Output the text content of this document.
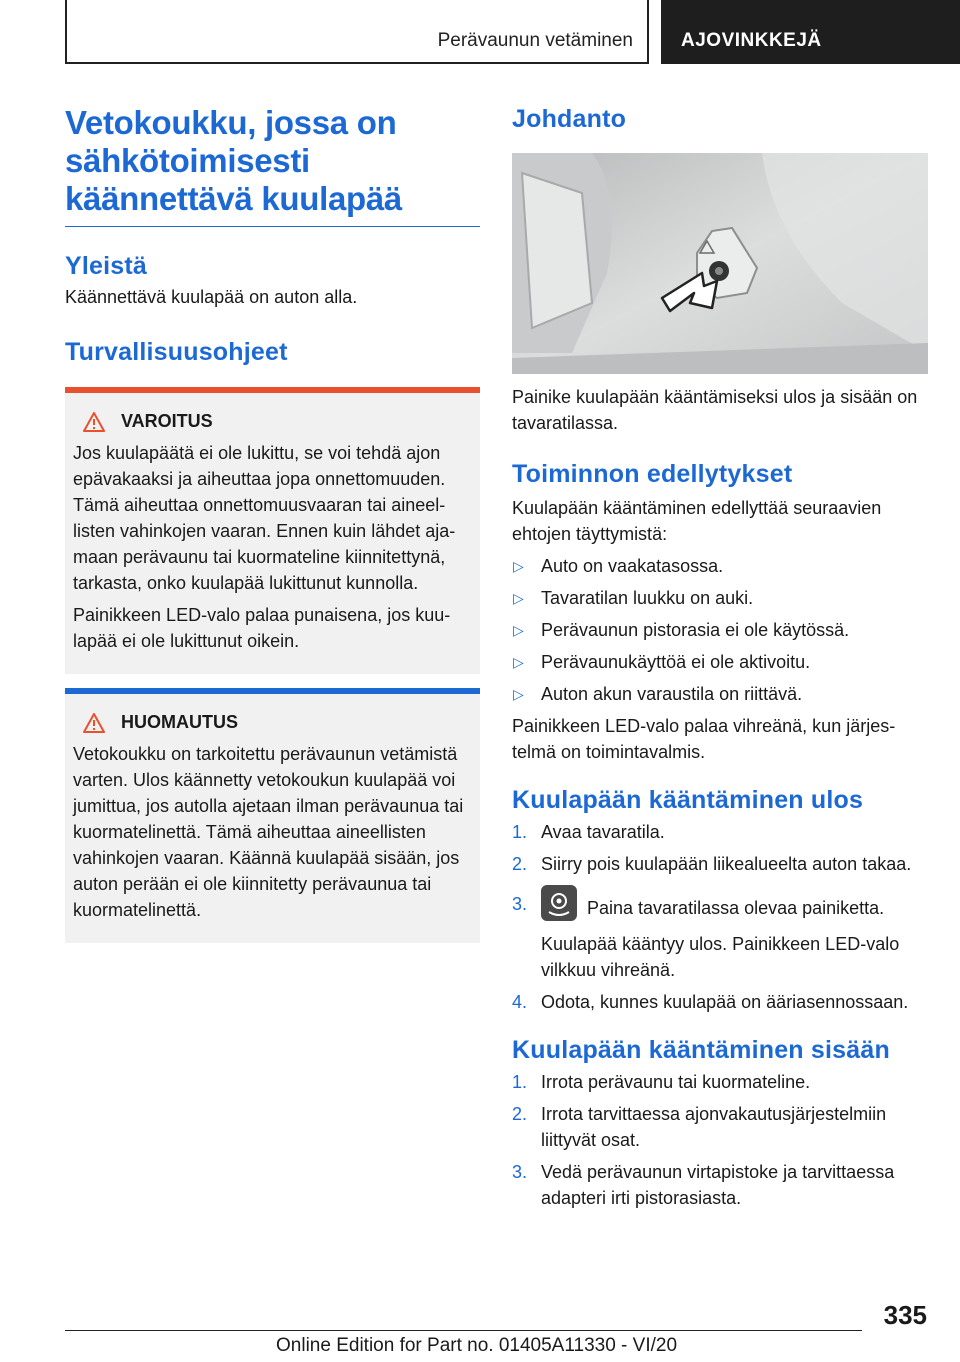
Perävaunun vetäminen	AJOVINKKEJÄ
Vetokoukku, jossa on sähkötoimisesti käännettävä kuulapää
Yleistä
Käännettävä kuulapää on auton alla.
Turvallisuusohjeet
VAROITUS
Jos kuulapäätä ei ole lukittu, se voi tehdä ajon epävakaaksi ja aiheuttaa jopa onnettomuuden. Tämä aiheuttaa onnettomuusvaaran tai aineellisten vahinkojen vaaran. Ennen kuin lähdet ajamaan perävaunu tai kuormateline kiinnitettynä, tarkasta, onko kuulapää lukittunut kunnolla.
Painikkeen LED-valo palaa punaisena, jos kuulapää ei ole lukittunut oikein.
HUOMAUTUS
Vetokoukku on tarkoitettu perävaunun vetämistä varten. Ulos käännetty vetokoukun kuulapää voi jumittua, jos autolla ajetaan ilman perävaunua tai kuormatelinettä. Tämä aiheuttaa aineellisten vahinkojen vaaran. Käännä kuulapää sisään, jos auton perään ei ole kiinnitetty perävaunua tai kuormatelinettä.
Johdanto
Painike kuulapään kääntämiseksi ulos ja sisään on tavaratilassa.
Toiminnon edellytykset
Kuulapään kääntäminen edellyttää seuraavien ehtojen täyttymistä:
▷ Auto on vaakatasossa.
▷ Tavaratilan luukku on auki.
▷ Perävaunun pistorasia ei ole käytössä.
▷ Perävaunukäyttöä ei ole aktivoitu.
▷ Auton akun varaustila on riittävä.
Painikkeen LED-valo palaa vihreänä, kun järjestelmä on toimintavalmis.
Kuulapään kääntäminen ulos
1. Avaa tavaratila.
2. Siirry pois kuulapään liikealueelta auton takaa.
3.	Paina tavaratilassa olevaa painiketta.
Kuulapää kääntyy ulos. Painikkeen LED-valo vilkkuu vihreänä.
4. Odota, kunnes kuulapää on ääriasennossaan.
Kuulapään kääntäminen sisään
1. Irrota perävaunu tai kuormateline.
2. Irrota tarvittaessa ajonvakautusjärjestelmiin liittyvät osat.
3. Vedä perävaunun virtapistoke ja tarvittaessa adapteri irti pistorasiasta.
335
Online Edition for Part no. 01405A11330 - VI/20
